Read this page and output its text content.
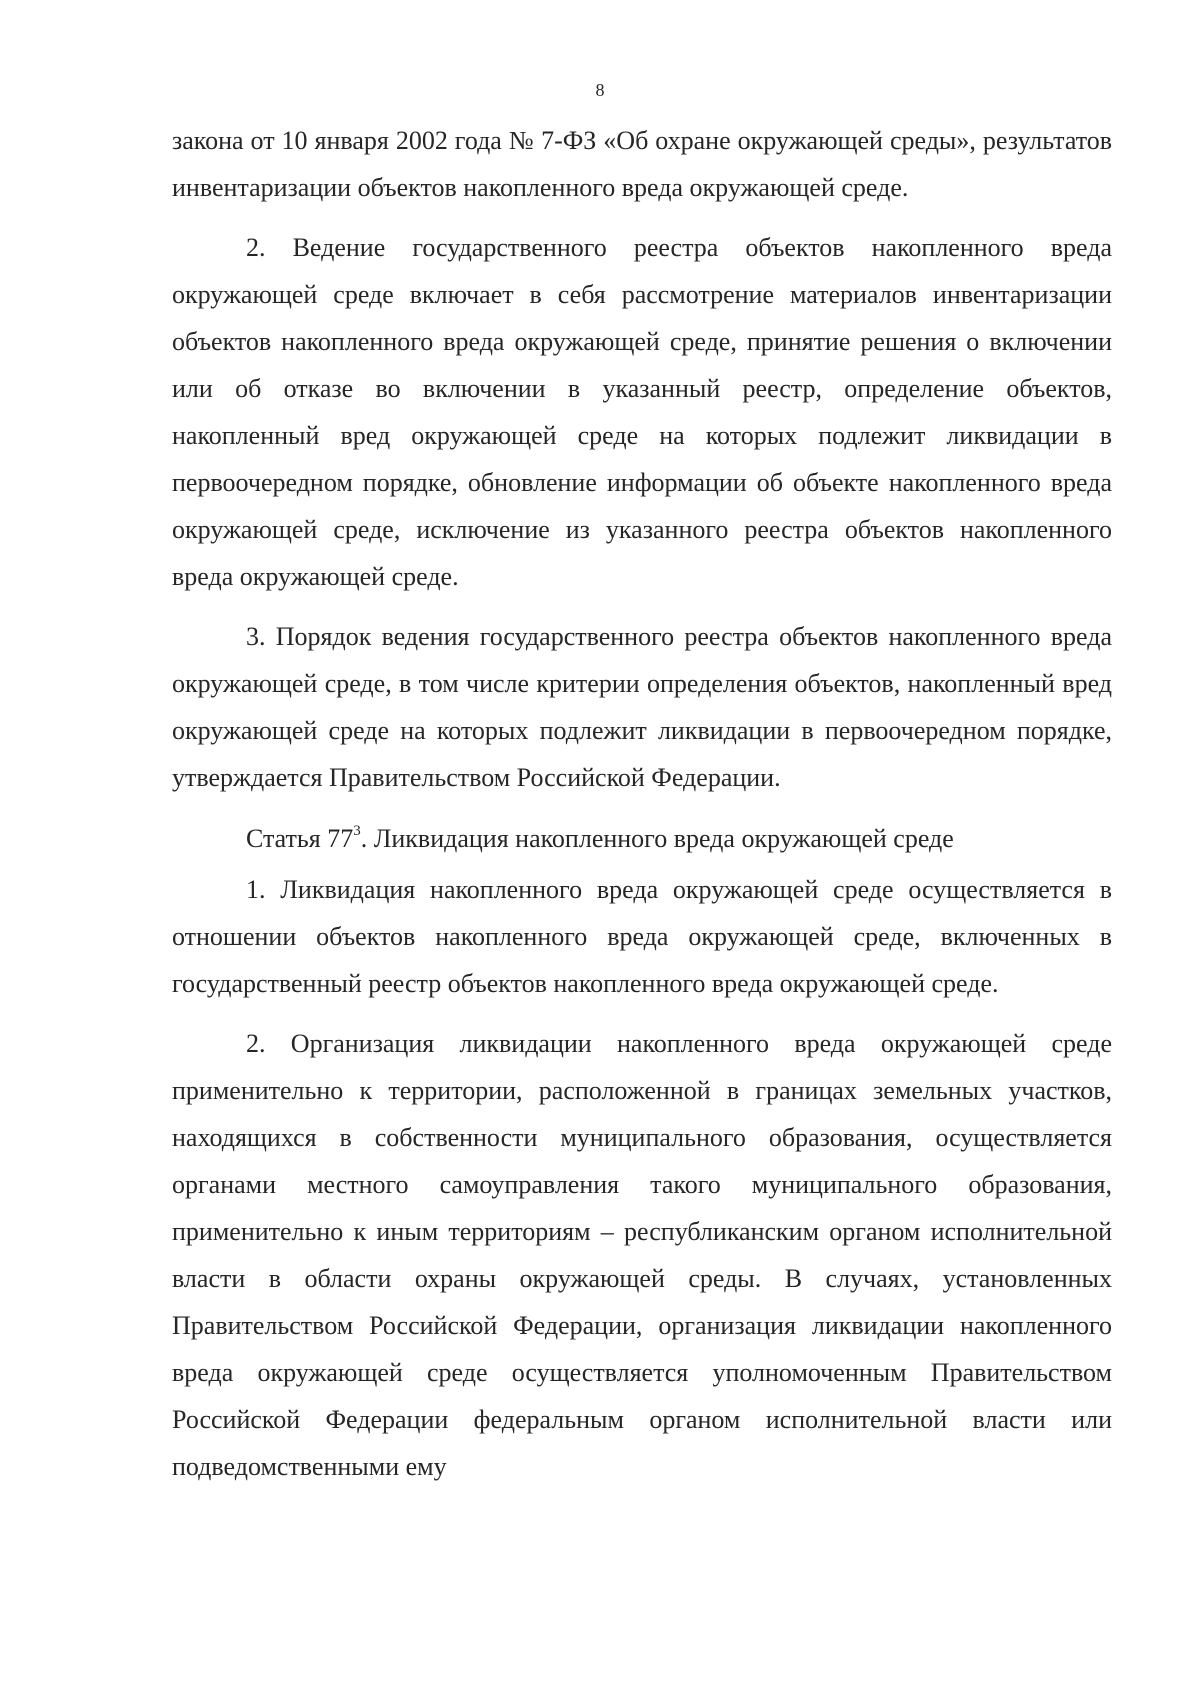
8

закона от 10 января 2002 года № 7-ФЗ «Об охране окружающей среды», результатов инвентаризации объектов накопленного вреда окружающей среде.

2. Ведение государственного реестра объектов накопленного вреда окружающей среде включает в себя рассмотрение материалов инвентаризации объектов накопленного вреда окружающей среде, принятие решения о включении или об отказе во включении в указанный реестр, определение объектов, накопленный вред окружающей среде на которых подлежит ликвидации в первоочередном порядке, обновление информации об объекте накопленного вреда окружающей среде, исключение из указанного реестра объектов накопленного вреда окружающей среде.

3. Порядок ведения государственного реестра объектов накопленного вреда окружающей среде, в том числе критерии определения объектов, накопленный вред окружающей среде на которых подлежит ликвидации в первоочередном порядке, утверждается Правительством Российской Федерации.

Статья $77^3$. Ликвидация накопленного вреда окружающей среде

1. Ликвидация накопленного вреда окружающей среде осуществляется в отношении объектов накопленного вреда окружающей среде, включенных в государственный реестр объектов накопленного вреда окружающей среде.

2. Организация ликвидации накопленного вреда окружающей среде применительно к территории, расположенной в границах земельных участков, находящихся в собственности муниципального образования, осуществляется органами местного самоуправления такого муниципального образования, применительно к иным территориям – республиканским органом исполнительной власти в области охраны окружающей среды. В случаях, установленных Правительством Российской Федерации, организация ликвидации накопленного вреда окружающей среде осуществляется уполномоченным Правительством Российской Федерации федеральным органом исполнительной власти или подведомственными ему
